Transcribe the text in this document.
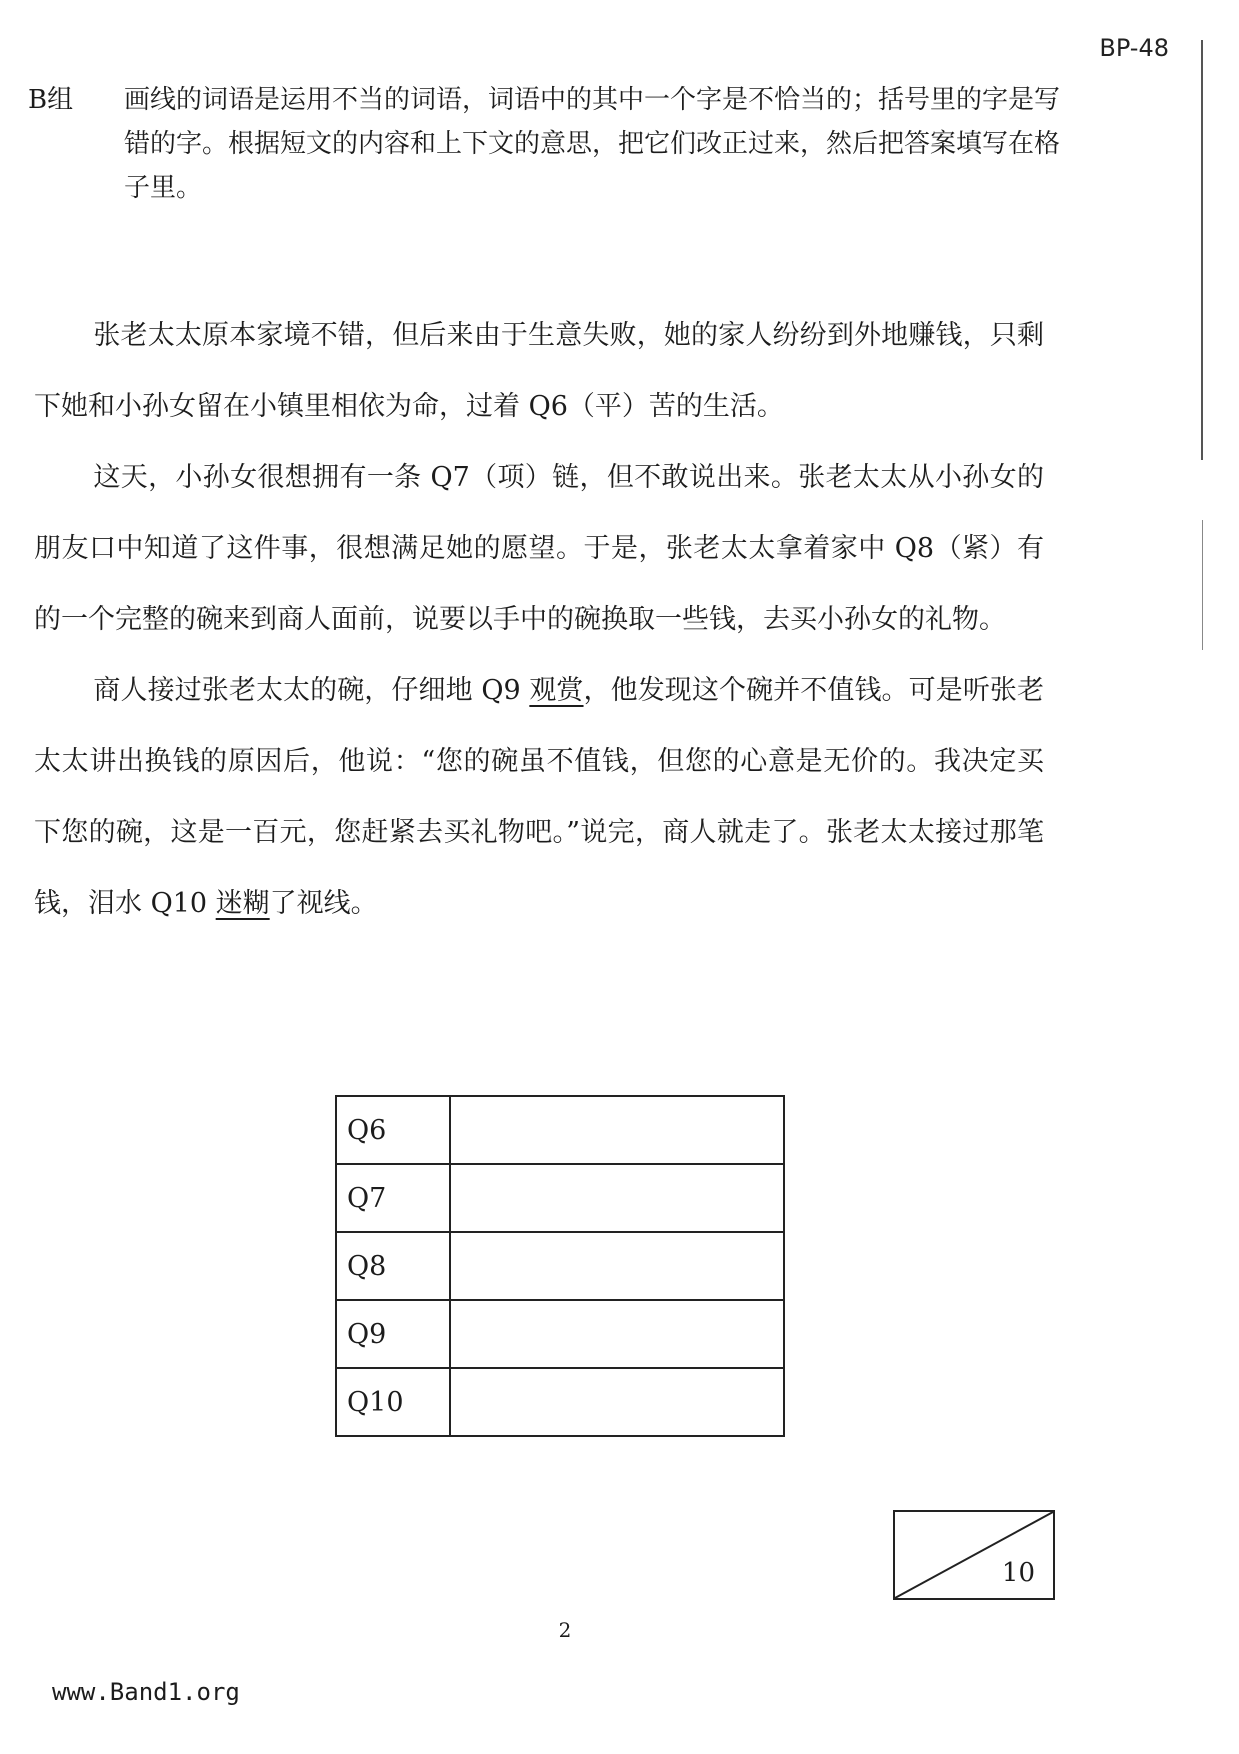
BP-48
B组 画线的词语是运用不当的词语，词语中的其中一个字是不恰当的；括号里的字是写错的字。根据短文的内容和上下文的意思，把它们改正过来，然后把答案填写在格子里。

张老太太原本家境不错，但后来由于生意失败，她的家人纷纷到外地赚钱，只剩下她和小孙女留在小镇里相依为命，过着 Q6（平）苦的生活。

这天，小孙女很想拥有一条 Q7（项）链，但不敢说出来。张老太太从小孙女的朋友口中知道了这件事，很想满足她的愿望。于是，张老太太拿着家中 Q8（紧）有的一个完整的碗来到商人面前，说要以手中的碗换取一些钱，去买小孙女的礼物。

商人接过张老太太的碗，仔细地 Q9 观赏，他发现这个碗并不值钱。可是听张老太太讲出换钱的原因后，他说：“您的碗虽不值钱，但您的心意是无价的。我决定买下您的碗，这是一百元，您赶紧去买礼物吧。”说完，商人就走了。张老太太接过那笔钱，泪水 Q10 迷糊了视线。

Q6	
Q7	
Q8	
Q9	
Q10	
10
2
www.Band1.org
